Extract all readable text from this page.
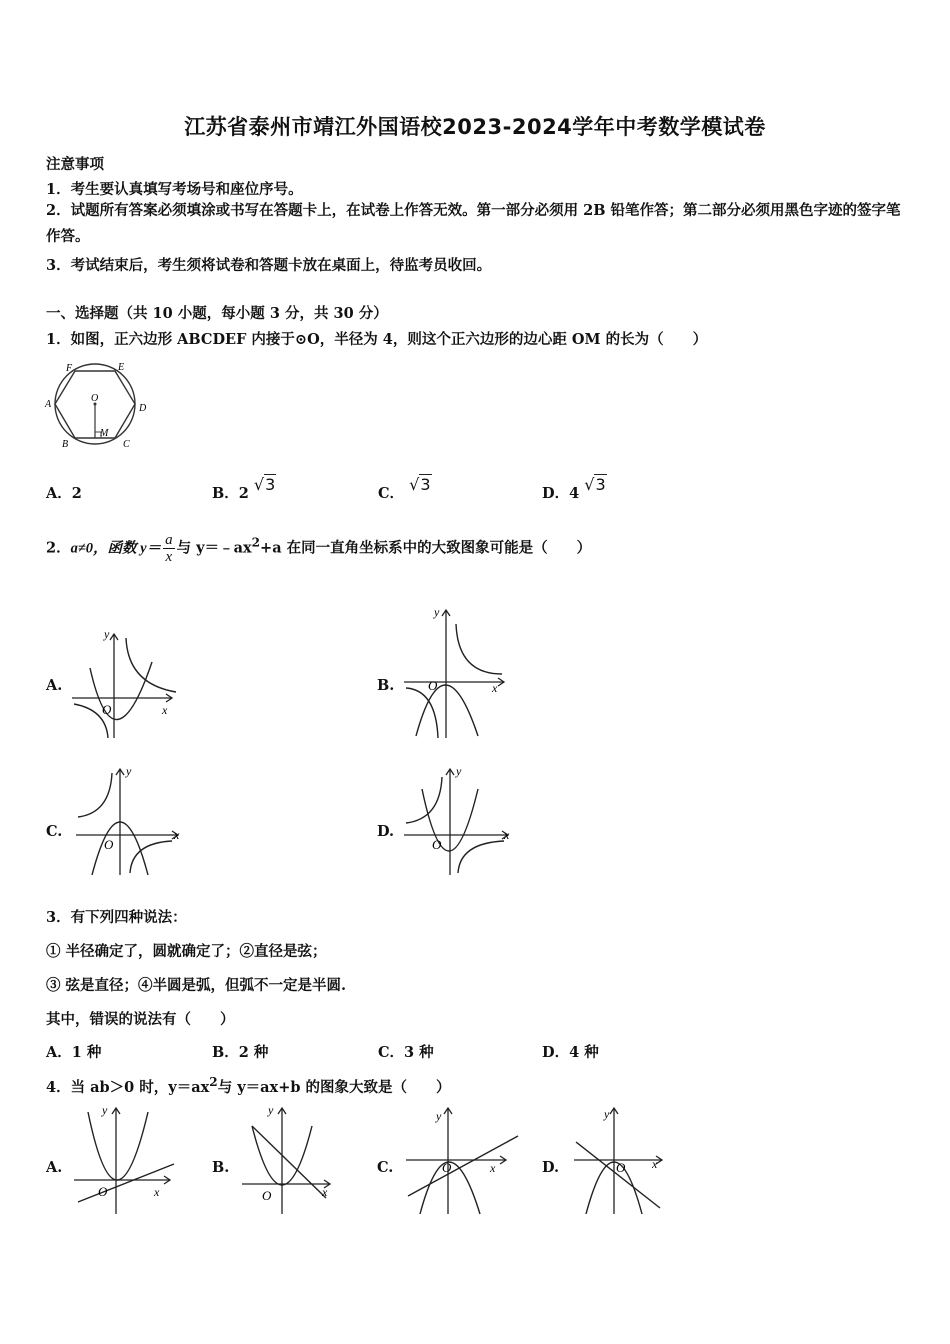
江苏省泰州市靖江外国语校2023-2024学年中考数学模试卷
注意事项
1．考生要认真填写考场号和座位序号。
2．试题所有答案必须填涂或书写在答题卡上，在试卷上作答无效。第一部分必须用 2B 铅笔作答；第二部分必须用黑色字迹的签字笔作答。
3．考试结束后，考生须将试卷和答题卡放在桌面上，待监考员收回。
一、选择题（共 10 小题，每小题 3 分，共 30 分）
1．如图，正六边形 ABCDEF 内接于⊙O，半径为 4，则这个正六边形的边心距 OM 的长为（　　）
F	E
A
O
D
B
M
C
A．2	B．2 √3	C． √3	D．4 √3
2．a≠0，函数 $y= \frac{a}{x}$ 与 $y=﹣ax^2+a$ 在同一直角坐标系中的大致图象可能是（　　）
A.
y
x
O
B.
y
x
O
C.
y
x
O
D.
y
x
O
3．有下列四种说法：
① 半径确定了，圆就确定了；②直径是弦；
③ 弦是直径；④半圆是弧，但弧不一定是半圆.
其中，错误的说法有（　　）
A．1 种	B．2 种	C．3 种	D．4 种
4．当 ab＞0 时，$y=ax^2$与 y＝ax+b 的图象大致是（　　）
A.
y
x
O
B.
y
x
O
C.
y
x
O	D.
y
x
O
